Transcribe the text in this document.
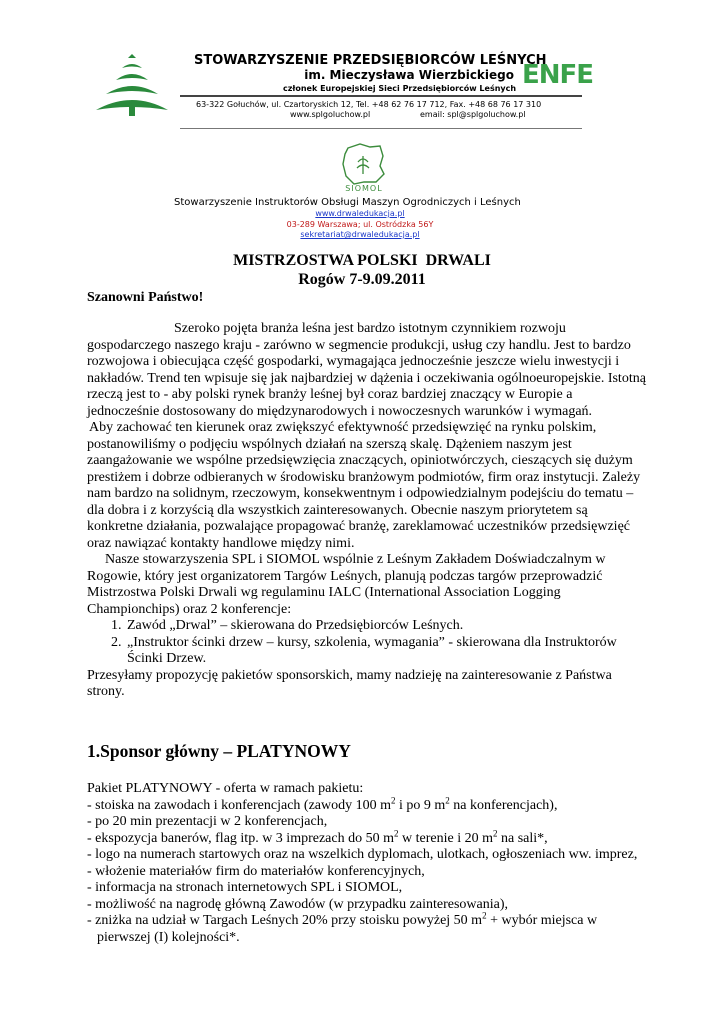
STOWARZYSZENIE PRZEDSIĘBIORCÓW LEŚNYCH
im. Mieczysława Wierzbickiego
członek Europejskiej Sieci Przedsiębiorców Leśnych
63-322 Gołuchów, ul. Czartoryskich 12, Tel. +48 62 76 17 712, Fax. +48 68 76 17 310
www.splgoluchow.pl	email: spl@splgoluchow.pl
ENFE
SIOMOL
Stowarzyszenie Instruktorów Obsługi Maszyn Ogrodniczych i Leśnych
www.drwaledukacja.pl
03-289 Warszawa; ul. Ostródzka 56Y
sekretariat@drwaledukacja.pl
MISTRZOSTWA POLSKI  DRWALI
Rogów 7-9.09.2011
Szanowni Państwo!

Szeroko pojęta branża leśna jest bardzo istotnym czynnikiem rozwoju gospodarczego naszego kraju - zarówno w segmencie produkcji, usług czy handlu. Jest to bardzo rozwojowa i obiecująca część gospodarki, wymagająca jednocześnie jeszcze wielu inwestycji i nakładów. Trend ten wpisuje się jak najbardziej w dążenia i oczekiwania ogólnoeuropejskie. Istotną rzeczą jest to - aby polski rynek branży leśnej był coraz bardziej znaczący w Europie a jednocześnie dostosowany do międzynarodowych i nowoczesnych warunków i wymagań.

Aby zachować ten kierunek oraz zwiększyć efektywność przedsięwzięć na rynku polskim, postanowiliśmy o podjęciu wspólnych działań na szerszą skalę. Dążeniem naszym jest zaangażowanie we wspólne przedsięwzięcia znaczących, opiniotwórczych, cieszących się dużym prestiżem i dobrze odbieranych w środowisku branżowym podmiotów, firm oraz instytucji. Zależy nam bardzo na solidnym, rzeczowym, konsekwentnym i odpowiedzialnym podejściu do tematu – dla dobra i z korzyścią dla wszystkich zainteresowanych. Obecnie naszym priorytetem są konkretne działania, pozwalające propagować branżę, zareklamować uczestników przedsięwzięć oraz nawiązać kontakty handlowe między nimi.

Nasze stowarzyszenia SPL i SIOMOL wspólnie z Leśnym Zakładem Doświadczalnym w Rogowie, który jest organizatorem Targów Leśnych, planują podczas targów przeprowadzić Mistrzostwa Polski Drwali wg regulaminu IALC (International Association Logging Championchips) oraz 2 konferencje:

1. Zawód „Drwal” – skierowana do Przedsiębiorców Leśnych.
2. „Instruktor ścinki drzew – kursy, szkolenia, wymagania” - skierowana dla Instruktorów Ścinki Drzew.

Przesyłamy propozycję pakietów sponsorskich, mamy nadzieję na zainteresowanie z Państwa strony.

1.Sponsor główny – PLATYNOWY

Pakiet PLATYNOWY - oferta w ramach pakietu:

- stoiska na zawodach i konferencjach (zawody 100 $m^2$ i po 9 $m^2$ na konferencjach),
- po 20 min prezentacji w 2 konferencjach,
- ekspozycja banerów, flag itp. w 3 imprezach do 50 $m^2$ w terenie i 20 $m^2$ na sali*,
- logo na numerach startowych oraz na wszelkich dyplomach, ulotkach, ogłoszeniach ww. imprez,
- włożenie materiałów firm do materiałów konferencyjnych,
- informacja na stronach internetowych SPL i SIOMOL,
- możliwość na nagrodę główną Zawodów (w przypadku zainteresowania),
- zniżka na udział w Targach Leśnych 20% przy stoisku powyżej 50 $m^2$ + wybór miejsca w pierwszej (I) kolejności*.
